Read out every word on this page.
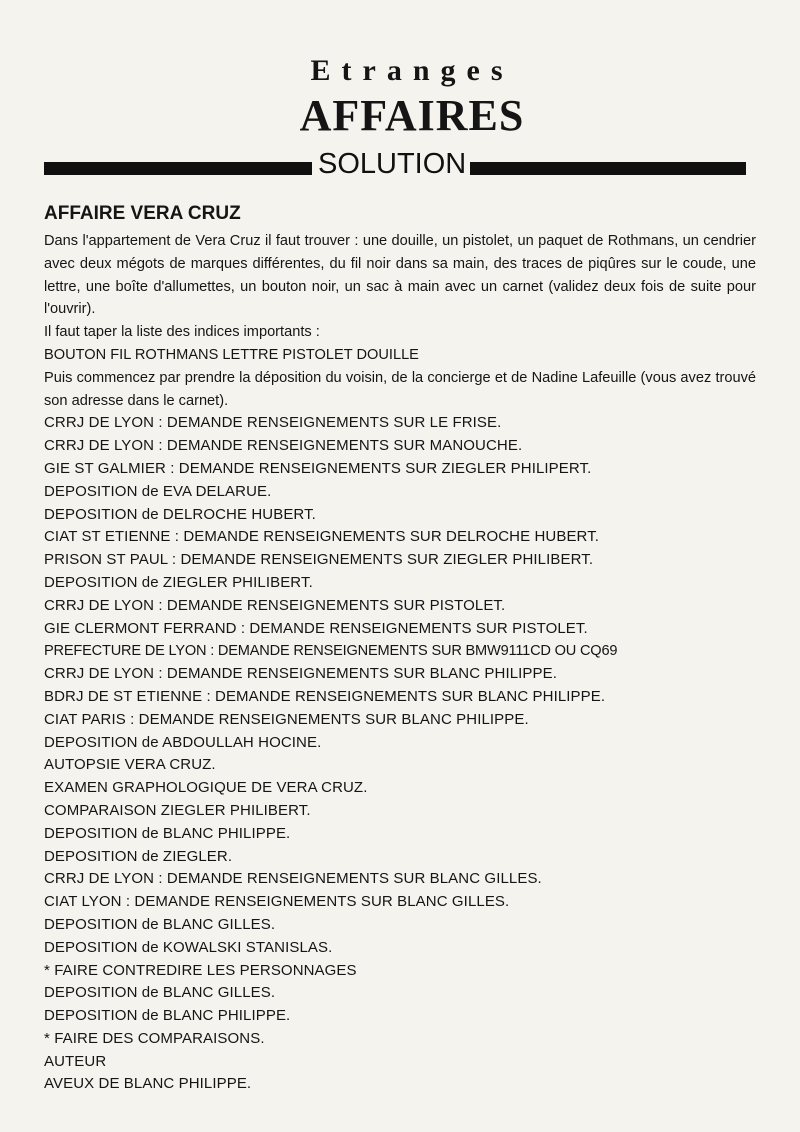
Etranges
AFFAIRES
SOLUTION
AFFAIRE VERA CRUZ

Dans l'appartement de Vera Cruz il faut trouver : une douille, un pistolet, un paquet de Rothmans, un cendrier avec deux mégots de marques différentes, du fil noir dans sa main, des traces de piqûres sur le coude, une lettre, une boîte d'allumettes, un bouton noir, un sac à main avec un carnet (validez deux fois de suite pour l'ouvrir).

Il faut taper la liste des indices importants :

BOUTON FIL ROTHMANS LETTRE PISTOLET DOUILLE

Puis commencez par prendre la déposition du voisin, de la concierge et de Nadine Lafeuille (vous avez trouvé son adresse dans le carnet).

CRRJ DE LYON : DEMANDE RENSEIGNEMENTS SUR LE FRISE.

CRRJ DE LYON : DEMANDE RENSEIGNEMENTS SUR MANOUCHE.

GIE ST GALMIER : DEMANDE RENSEIGNEMENTS SUR ZIEGLER PHILIPERT.

DEPOSITION de EVA DELARUE.

DEPOSITION de DELROCHE HUBERT.

CIAT ST ETIENNE : DEMANDE RENSEIGNEMENTS SUR DELROCHE HUBERT.

PRISON ST PAUL : DEMANDE RENSEIGNEMENTS SUR ZIEGLER PHILIBERT.

DEPOSITION de ZIEGLER PHILIBERT.

CRRJ DE LYON : DEMANDE RENSEIGNEMENTS SUR PISTOLET.

GIE CLERMONT FERRAND : DEMANDE RENSEIGNEMENTS SUR PISTOLET.

PREFECTURE DE LYON : DEMANDE RENSEIGNEMENTS SUR BMW9111CD OU CQ69

CRRJ DE LYON : DEMANDE RENSEIGNEMENTS SUR BLANC PHILIPPE.

BDRJ DE ST ETIENNE : DEMANDE RENSEIGNEMENTS SUR BLANC PHILIPPE.

CIAT PARIS : DEMANDE RENSEIGNEMENTS SUR BLANC PHILIPPE.

DEPOSITION de ABDOULLAH HOCINE.

AUTOPSIE VERA CRUZ.

EXAMEN GRAPHOLOGIQUE DE VERA CRUZ.

COMPARAISON ZIEGLER PHILIBERT.

DEPOSITION de BLANC PHILIPPE.

DEPOSITION de ZIEGLER.

CRRJ DE LYON : DEMANDE RENSEIGNEMENTS SUR BLANC GILLES.

CIAT LYON : DEMANDE RENSEIGNEMENTS SUR BLANC GILLES.

DEPOSITION de BLANC GILLES.

DEPOSITION de KOWALSKI STANISLAS.

* FAIRE CONTREDIRE LES PERSONNAGES

DEPOSITION de BLANC GILLES.

DEPOSITION de BLANC PHILIPPE.

* FAIRE DES COMPARAISONS.

AUTEUR

AVEUX DE BLANC PHILIPPE.
